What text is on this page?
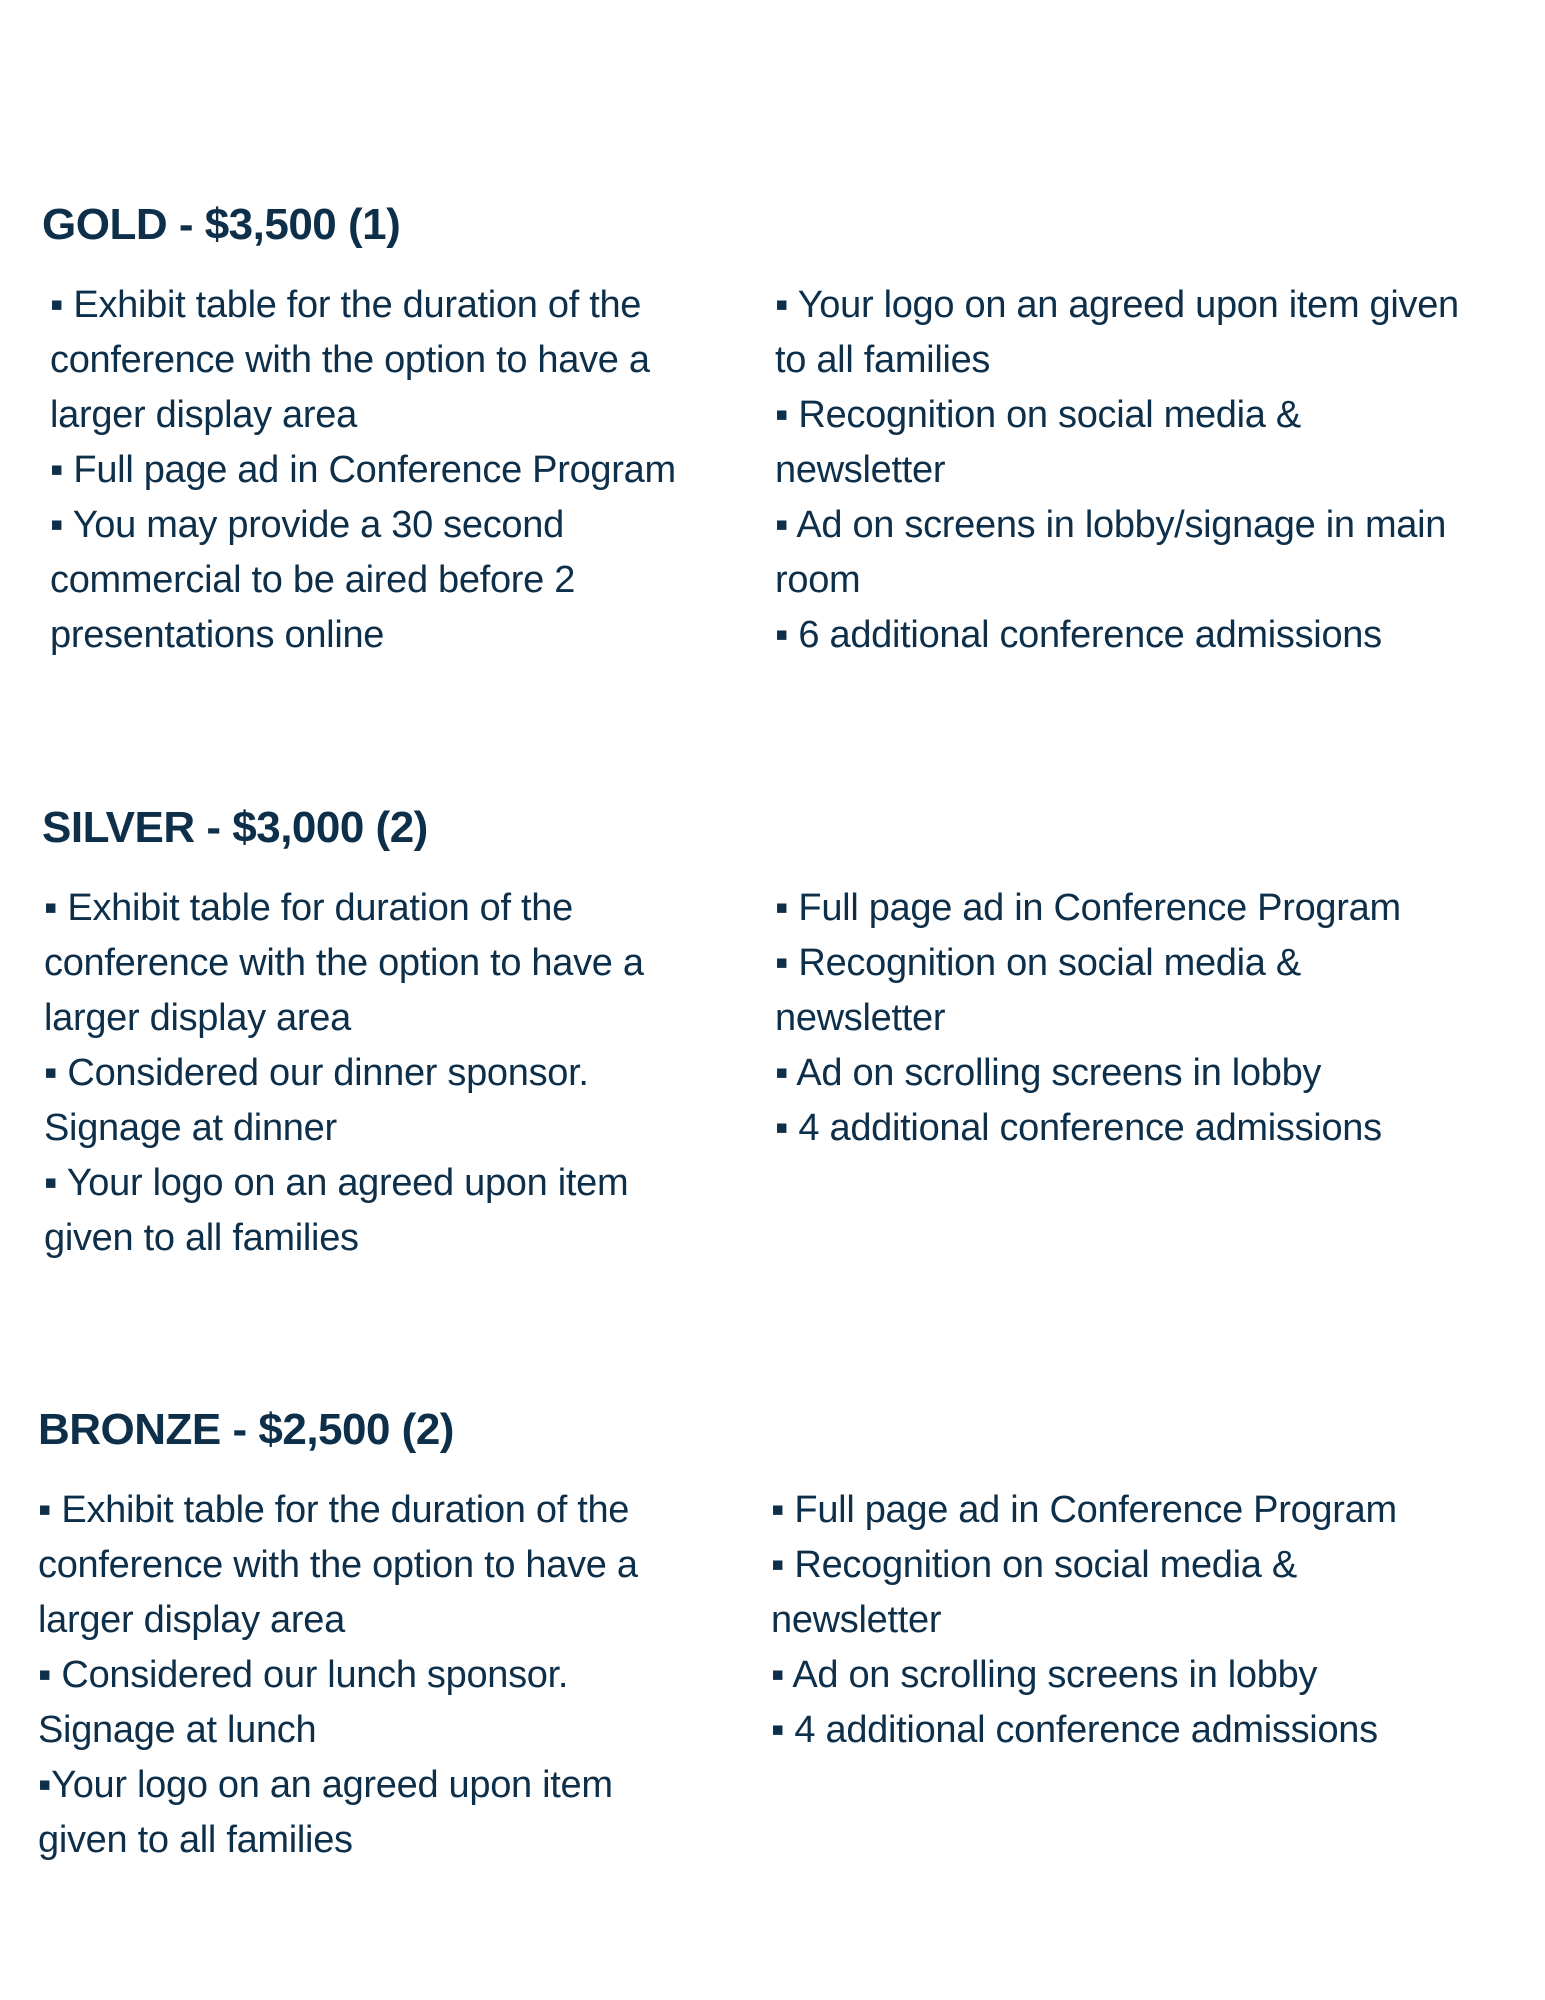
GOLD - $3,500 (1)
▪ Exhibit table for the duration of the
conference with the option to have a
larger display area
▪ Full page ad in Conference Program
▪ You may provide a 30 second
commercial to be aired before 2
presentations online
▪ Your logo on an agreed upon item given
to all families
▪ Recognition on social media &
newsletter
▪ Ad on screens in lobby/signage in main
room
▪ 6 additional conference admissions
SILVER - $3,000 (2)
▪ Exhibit table for duration of the
conference with the option to have a
larger display area
▪ Considered our dinner sponsor.
Signage at dinner
▪ Your logo on an agreed upon item
given to all families
▪ Full page ad in Conference Program
▪ Recognition on social media &
newsletter
▪ Ad on scrolling screens in lobby
▪ 4 additional conference admissions
BRONZE - $2,500 (2)
▪ Exhibit table for the duration of the
conference with the option to have a
larger display area
▪ Considered our lunch sponsor.
Signage at lunch
▪Your logo on an agreed upon item
given to all families
▪ Full page ad in Conference Program
▪ Recognition on social media &
newsletter
▪ Ad on scrolling screens in lobby
▪ 4 additional conference admissions
